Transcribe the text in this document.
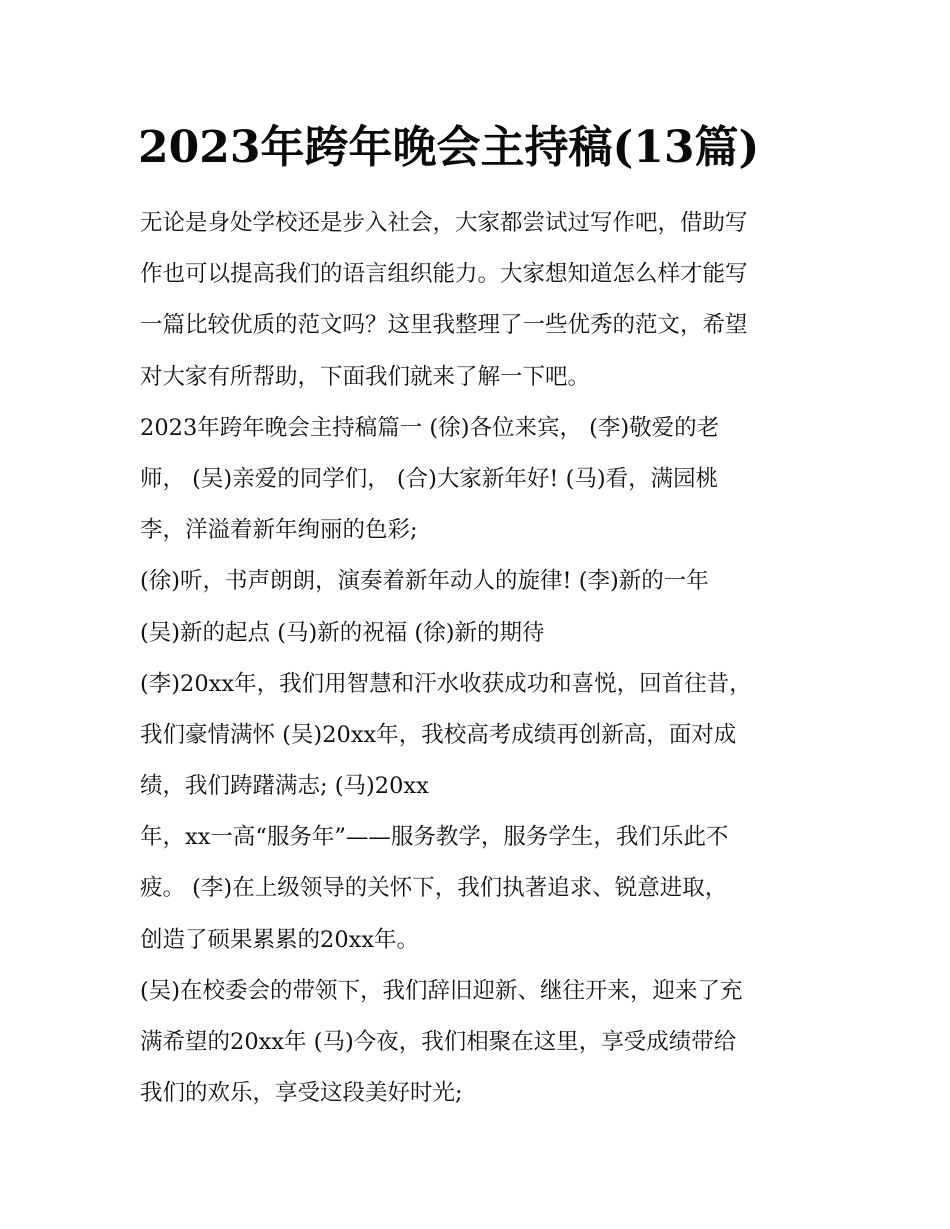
2023年跨年晚会主持稿(13篇)
无论是身处学校还是步入社会，大家都尝试过写作吧，借助写
作也可以提高我们的语言组织能力。大家想知道怎么样才能写
一篇比较优质的范文吗？这里我整理了一些优秀的范文，希望
对大家有所帮助，下面我们就来了解一下吧。
2023年跨年晚会主持稿篇一 (徐)各位来宾， (李)敬爱的老
师， (吴)亲爱的同学们， (合)大家新年好! (马)看，满园桃
李，洋溢着新年绚丽的色彩;
(徐)听，书声朗朗，演奏着新年动人的旋律! (李)新的一年
(吴)新的起点 (马)新的祝福 (徐)新的期待
(李)20xx年，我们用智慧和汗水收获成功和喜悦，回首往昔，
我们豪情满怀 (吴)20xx年，我校高考成绩再创新高，面对成
绩，我们踌躇满志; (马)20xx
年，xx一高“服务年”——服务教学，服务学生，我们乐此不
疲。 (李)在上级领导的关怀下，我们执著追求、锐意进取，
创造了硕果累累的20xx年。
(吴)在校委会的带领下，我们辞旧迎新、继往开来，迎来了充
满希望的20xx年 (马)今夜，我们相聚在这里，享受成绩带给
我们的欢乐，享受这段美好时光;
